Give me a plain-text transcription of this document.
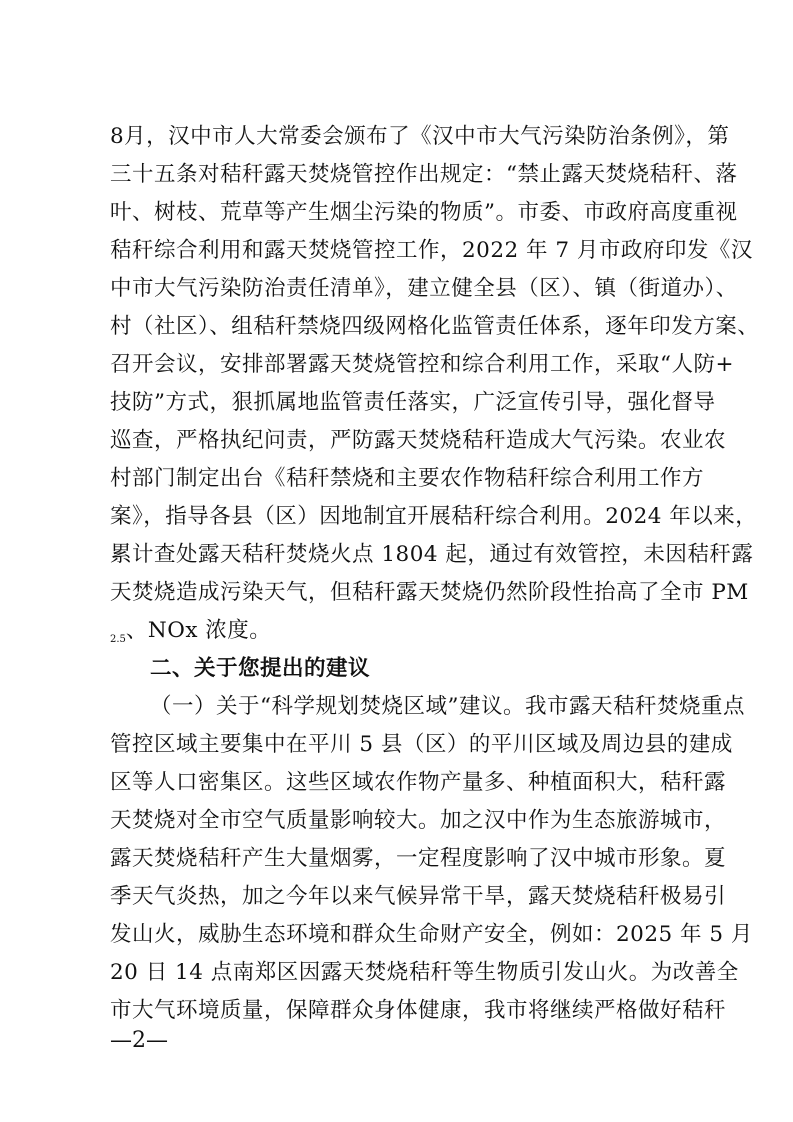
8月，汉中市人大常委会颁布了《汉中市大气污染防治条例》，第
三十五条对秸秆露天焚烧管控作出规定：“禁止露天焚烧秸秆、落
叶、树枝、荒草等产生烟尘污染的物质”。市委、市政府高度重视
秸秆综合利用和露天焚烧管控工作，2022 年 7 月市政府印发《汉
中市大气污染防治责任清单》，建立健全县（区）、镇（街道办）、
村（社区）、组秸秆禁烧四级网格化监管责任体系，逐年印发方案、
召开会议，安排部署露天焚烧管控和综合利用工作，采取“人防+
技防”方式，狠抓属地监管责任落实，广泛宣传引导，强化督导
巡查，严格执纪问责，严防露天焚烧秸秆造成大气污染。农业农
村部门制定出台《秸秆禁烧和主要农作物秸秆综合利用工作方
案》，指导各县（区）因地制宜开展秸秆综合利用。2024 年以来，
累计查处露天秸秆焚烧火点 1804 起，通过有效管控，未因秸秆露
天焚烧造成污染天气，但秸秆露天焚烧仍然阶段性抬高了全市 PM
$_{2.5}$、NOx 浓度。
二、关于您提出的建议
（一）关于“科学规划焚烧区域”建议。我市露天秸秆焚烧重点
管控区域主要集中在平川 5 县（区）的平川区域及周边县的建成
区等人口密集区。这些区域农作物产量多、种植面积大，秸秆露
天焚烧对全市空气质量影响较大。加之汉中作为生态旅游城市，
露天焚烧秸秆产生大量烟雾，一定程度影响了汉中城市形象。夏
季天气炎热，加之今年以来气候异常干旱，露天焚烧秸秆极易引
发山火，威胁生态环境和群众生命财产安全，例如：2025 年 5 月
20 日 14 点南郑区因露天焚烧秸秆等生物质引发山火。为改善全
市大气环境质量，保障群众身体健康，我市将继续严格做好秸秆
—2—
